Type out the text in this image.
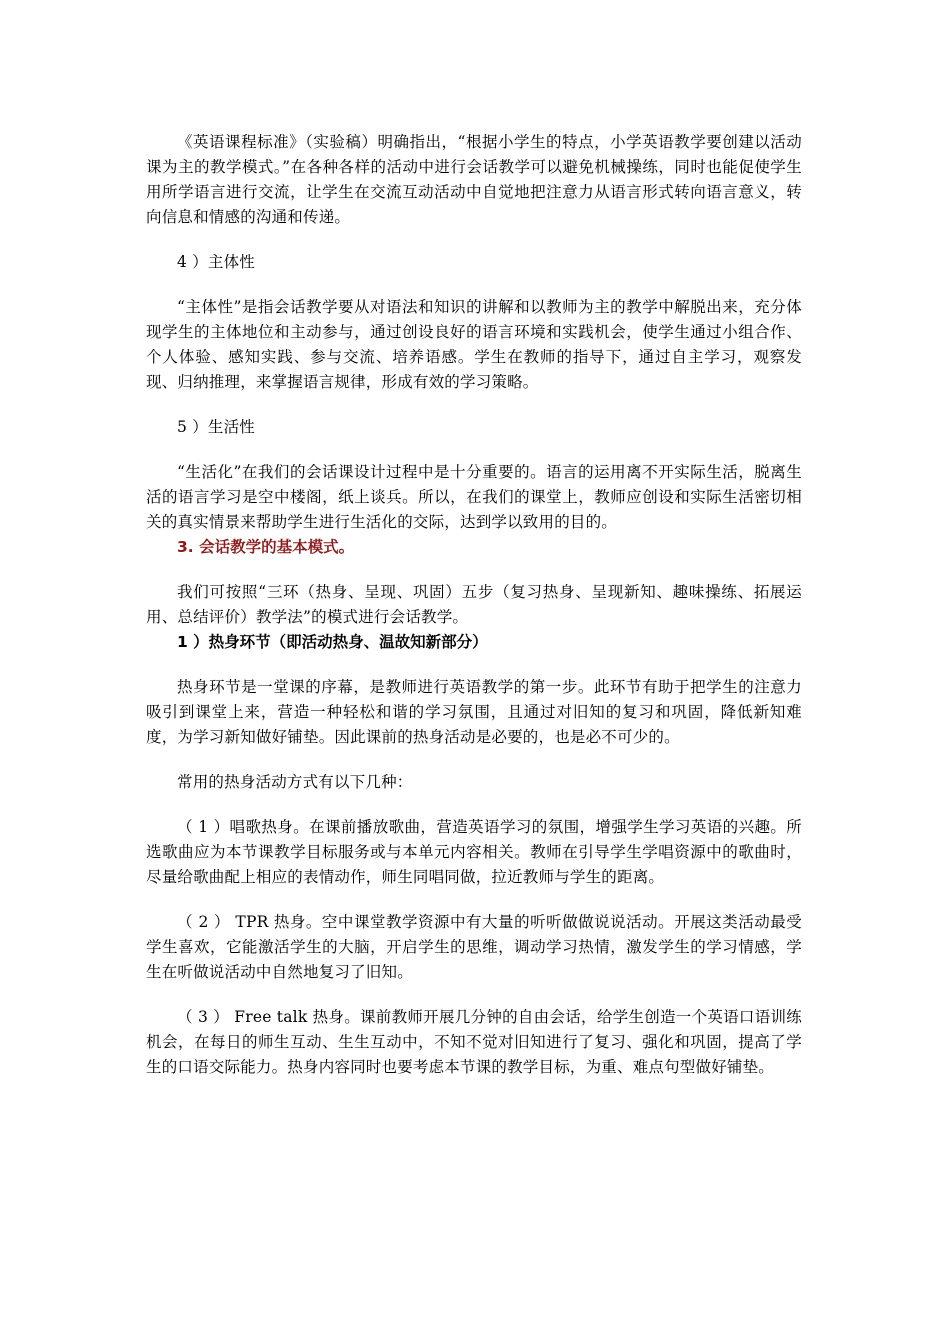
《英语课程标准》（实验稿）明确指出，“根据小学生的特点，小学英语教学要创建以活动课为主的教学模式。”在各种各样的活动中进行会话教学可以避免机械操练，同时也能促使学生用所学语言进行交流，让学生在交流互动活动中自觉地把注意力从语言形式转向语言意义，转向信息和情感的沟通和传递。

4 ）主体性

“主体性”是指会话教学要从对语法和知识的讲解和以教师为主的教学中解脱出来，充分体现学生的主体地位和主动参与，通过创设良好的语言环境和实践机会，使学生通过小组合作、个人体验、感知实践、参与交流、培养语感。学生在教师的指导下，通过自主学习，观察发现、归纳推理，来掌握语言规律，形成有效的学习策略。

5 ）生活性

“生活化”在我们的会话课设计过程中是十分重要的。语言的运用离不开实际生活，脱离生活的语言学习是空中楼阁，纸上谈兵。所以，在我们的课堂上，教师应创设和实际生活密切相关的真实情景来帮助学生进行生活化的交际，达到学以致用的目的。

3. 会话教学的基本模式。

我们可按照“三环（热身、呈现、巩固）五步（复习热身、呈现新知、趣味操练、拓展运用、总结评价）教学法”的模式进行会话教学。

1 ）热身环节（即活动热身、温故知新部分）

热身环节是一堂课的序幕，是教师进行英语教学的第一步。此环节有助于把学生的注意力吸引到课堂上来，营造一种轻松和谐的学习氛围，且通过对旧知的复习和巩固，降低新知难度，为学习新知做好铺垫。因此课前的热身活动是必要的，也是必不可少的。

常用的热身活动方式有以下几种：

（ 1 ）唱歌热身。在课前播放歌曲，营造英语学习的氛围，增强学生学习英语的兴趣。所选歌曲应为本节课教学目标服务或与本单元内容相关。教师在引导学生学唱资源中的歌曲时，尽量给歌曲配上相应的表情动作，师生同唱同做，拉近教师与学生的距离。

（ 2 ） TPR 热身。空中课堂教学资源中有大量的听听做做说说活动。开展这类活动最受学生喜欢，它能激活学生的大脑，开启学生的思维，调动学习热情，激发学生的学习情感，学生在听做说活动中自然地复习了旧知。

（ 3 ） Free talk 热身。课前教师开展几分钟的自由会话，给学生创造一个英语口语训练机会，在每日的师生互动、生生互动中，不知不觉对旧知进行了复习、强化和巩固，提高了学生的口语交际能力。热身内容同时也要考虑本节课的教学目标，为重、难点句型做好铺垫。
